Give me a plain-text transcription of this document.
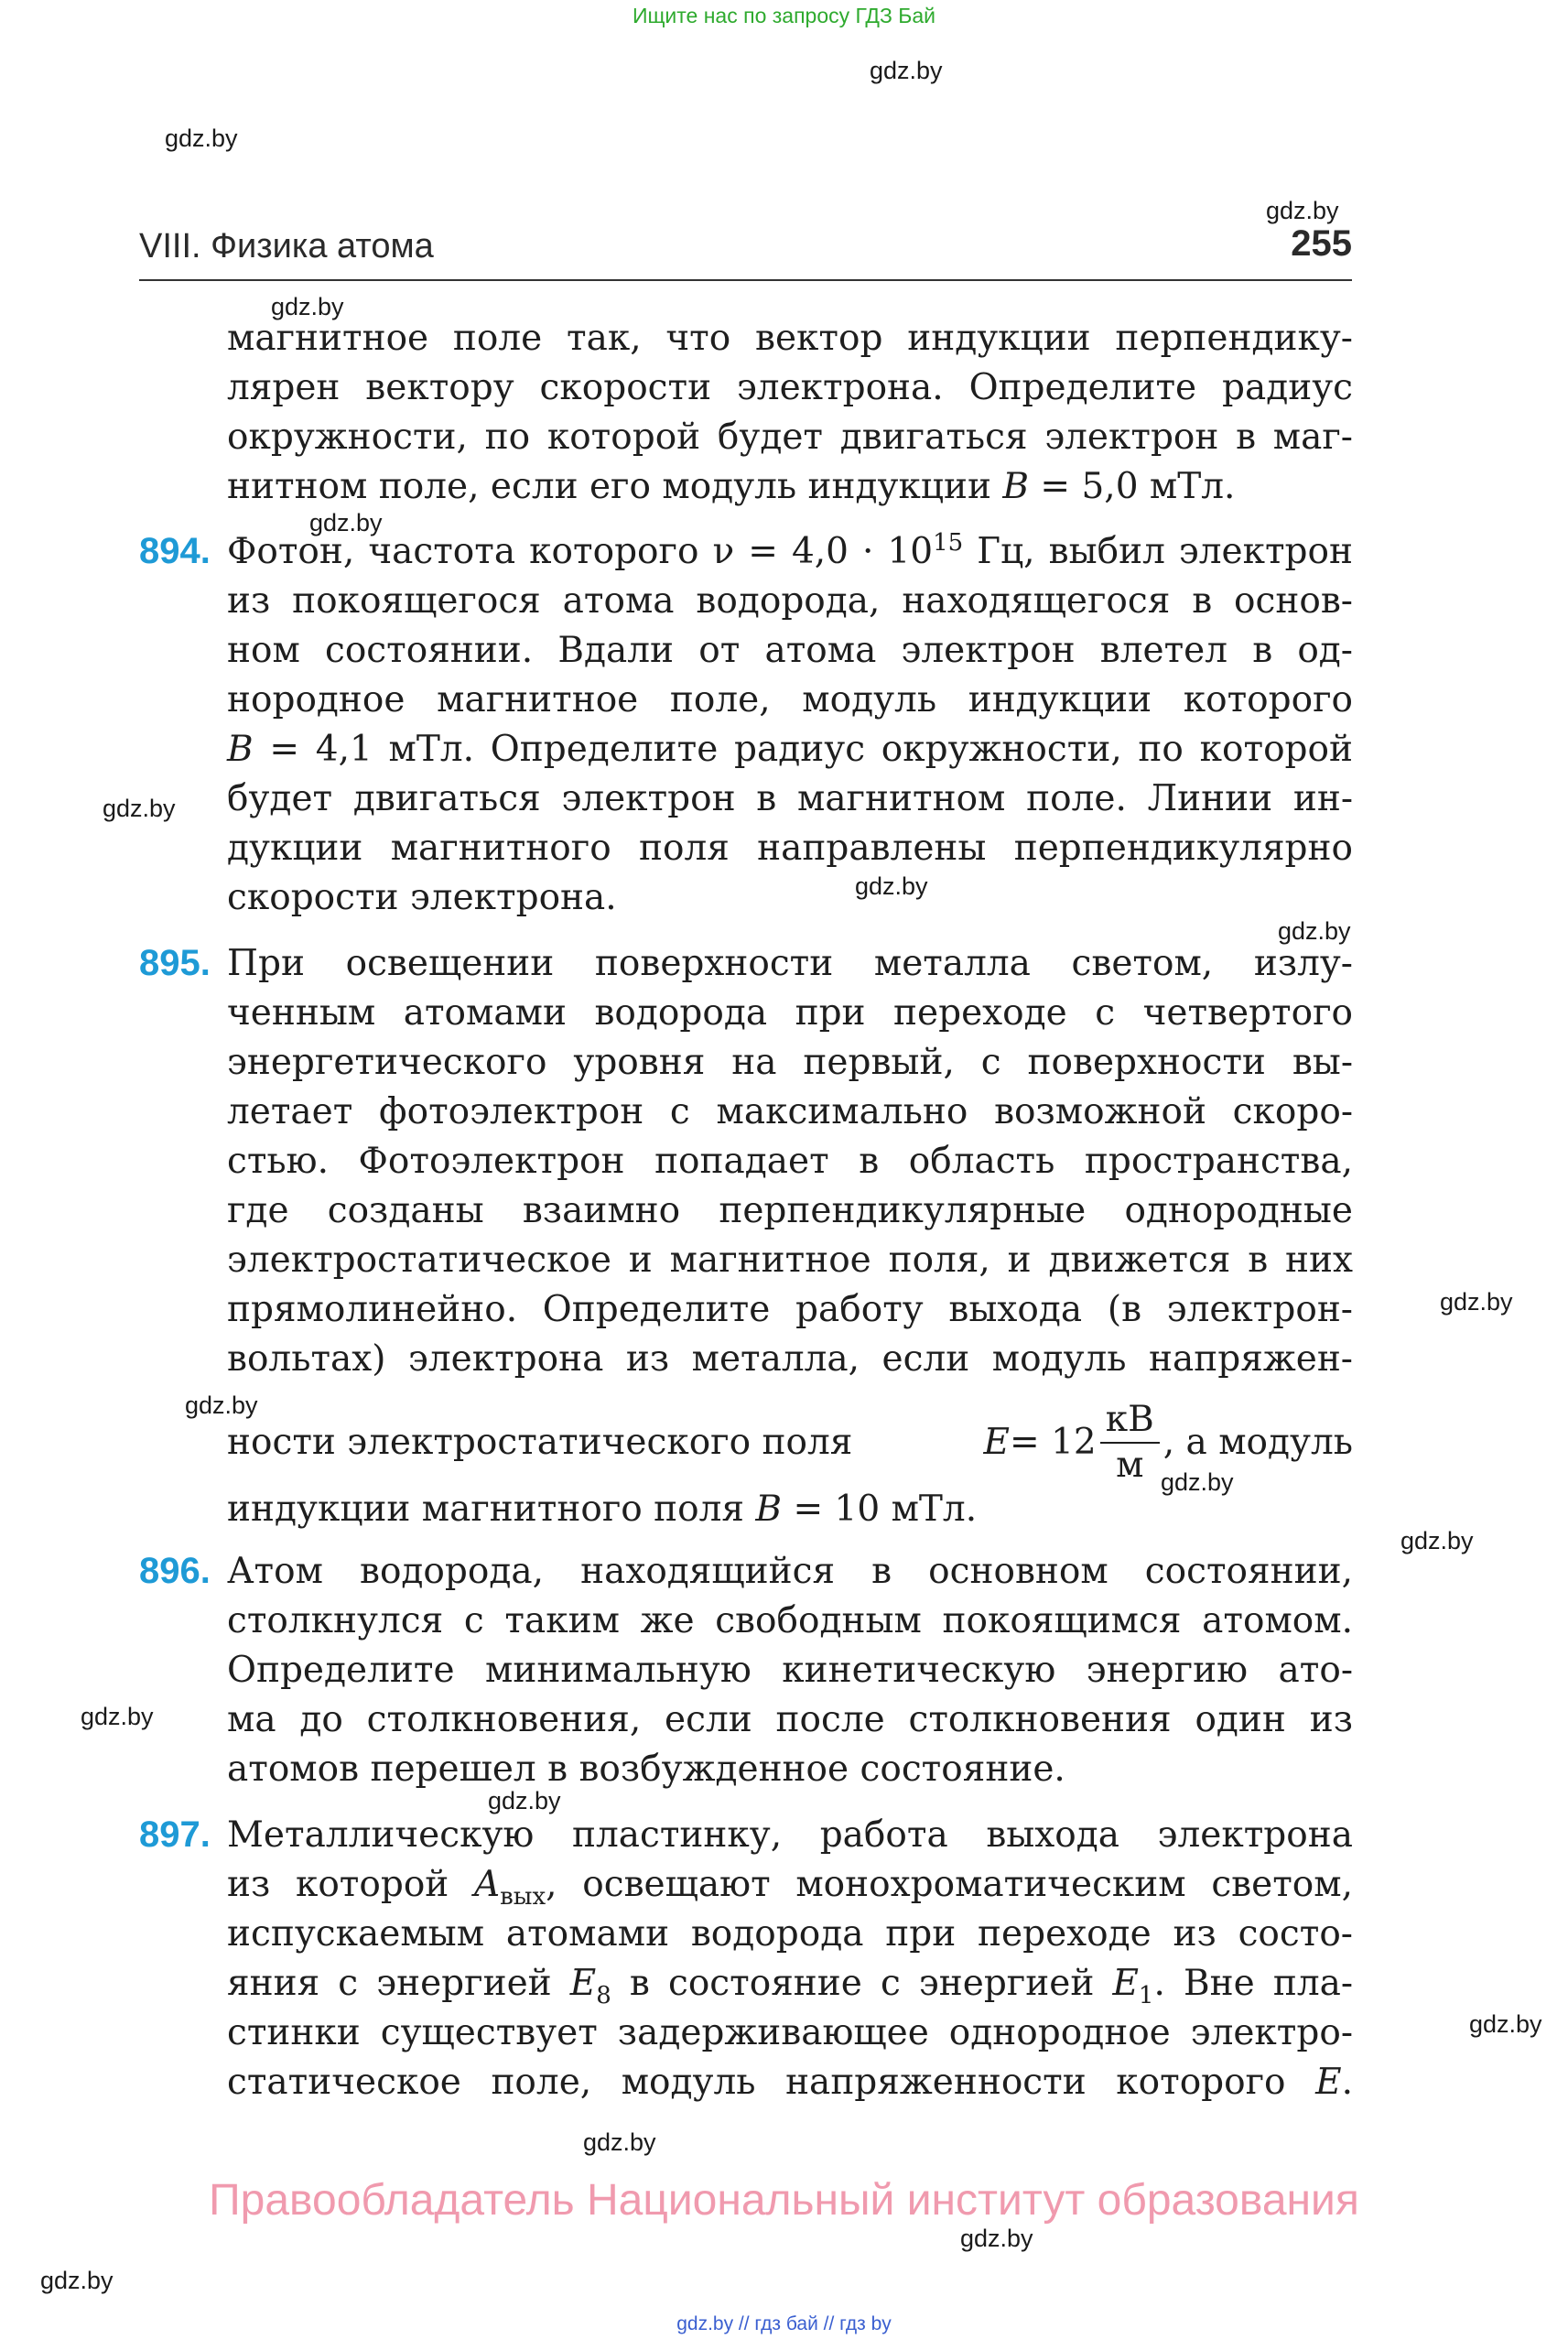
Ищите нас по запросу ГДЗ Бай
gdz.by
gdz.by
gdz.by
gdz.by
gdz.by
gdz.by
gdz.by
gdz.by
gdz.by
gdz.by
gdz.by
gdz.by
gdz.by
gdz.by
gdz.by
gdz.by
gdz.by
gdz.by
VIII. Физика атома	255
магнитное поле так, что вектор индукции перпендику-
лярен вектору скорости электрона. Определите радиус
окружности, по которой будет двигаться электрон в маг-
нитном поле, если его модуль индукции B = 5,0 мТл.
894. Фотон, частота которого $\nu = 4,0 \cdot 10^{15}$ Гц, выбил электрон
из покоящегося атома водорода, находящегося в основ-
ном состоянии. Вдали от атома электрон влетел в од-
нородное магнитное поле, модуль индукции которого
B = 4,1 мТл. Определите радиус окружности, по которой
будет двигаться электрон в магнитном поле. Линии ин-
дукции магнитного поля направлены перпендикулярно
скорости электрона.
895. При освещении поверхности металла светом, излу-
ченным атомами водорода при переходе с четвертого
энергетического уровня на первый, с поверхности вы-
летает фотоэлектрон с максимально возможной скоро-
стью. Фотоэлектрон попадает в область пространства,
где созданы взаимно перпендикулярные однородные
электростатическое и магнитное поля, и движется в них
прямолинейно. Определите работу выхода (в электрон-
вольтах) электрона из металла, если модуль напряжен-
ности электростатического поля	$E = 12 \frac{кВ}{м}$ , а модуль
индукции магнитного поля B = 10 мТл.
896. Атом водорода, находящийся в основном состоянии,
столкнулся с таким же свободным покоящимся атомом.
Определите минимальную кинетическую энергию ато-
ма до столкновения, если после столкновения один из
атомов перешел в возбужденное состояние.
897. Металлическую пластинку, работа выхода электрона
из которой $A_{вых}$, освещают монохроматическим светом,
испускаемым атомами водорода при переходе из состо-
яния с энергией $E_8$ в состояние с энергией $E_1$. Вне пла-
стинки существует задерживающее однородное электро-
статическое поле, модуль напряженности которого E.
Правообладатель Национальный институт образования
gdz.by // гдз бай // гдз by
